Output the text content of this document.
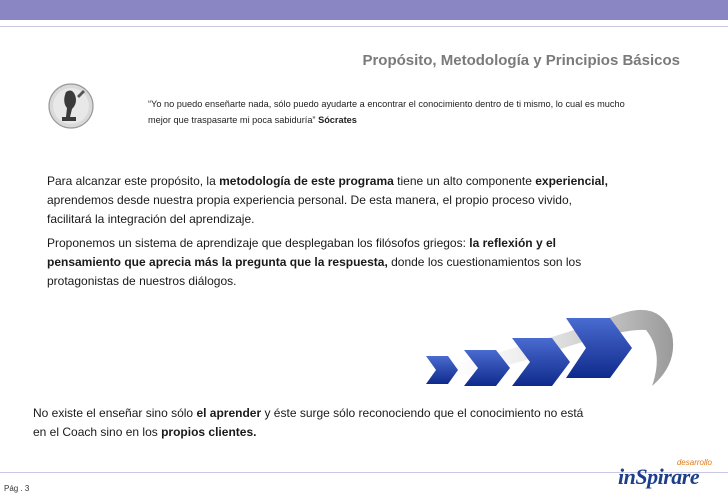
Propósito, Metodología y Principios Básicos
“Yo no puedo enseñarte nada, sólo puedo ayudarte a encontrar el conocimiento dentro de ti mismo, lo cual es mucho
mejor que traspasarte mi poca sabiduría” Sócrates
Para alcanzar este propósito, la metodología de este programa tiene un alto componente experiencial,
aprendemos desde nuestra propia experiencia personal. De esta manera, el propio proceso vivido,
facilitará la integración del aprendizaje.
Proponemos un sistema de aprendizaje que desplegaban los filósofos griegos: la reflexión y el
pensamiento que aprecia más la pregunta que la respuesta, donde los cuestionamientos son los
protagonistas de nuestros diálogos.
No existe el enseñar sino sólo el aprender y éste surge sólo reconociendo que el conocimiento no está
en el Coach sino en los propios clientes.
Pág . 3
desarrollo
inSpirare
